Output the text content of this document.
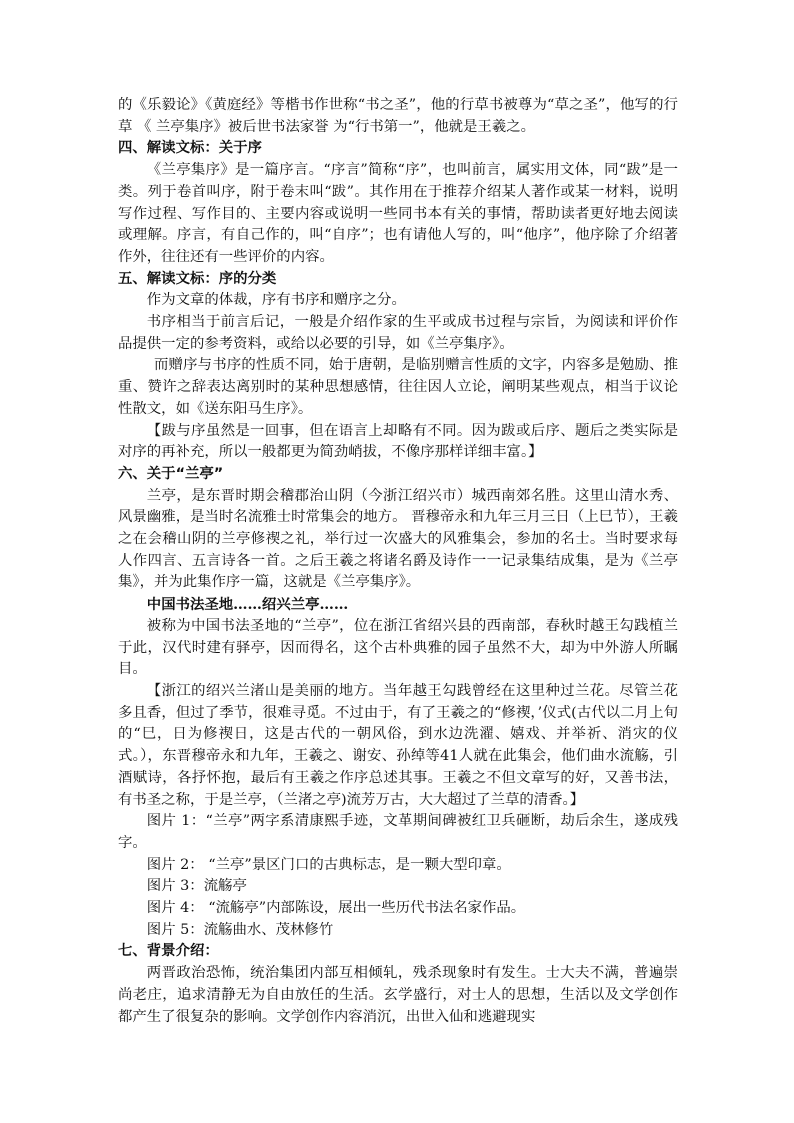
的《乐毅论》《黄庭经》等楷书作世称“书之圣”，他的行草书被尊为“草之圣”，他写的行草 《 兰亭集序》被后世书法家誉 为“行书第一”，他就是王羲之。

四、解读文标：关于序

《兰亭集序》是一篇序言。“序言”简称“序”，也叫前言，属实用文体，同“跋”是一类。列于卷首叫序，附于卷末叫“跋”。其作用在于推荐介绍某人著作或某一材料，说明写作过程、写作目的、主要内容或说明一些同书本有关的事情，帮助读者更好地去阅读或理解。序言，有自己作的，叫“自序”；也有请他人写的，叫“他序”，他序除了介绍著作外，往往还有一些评价的内容。

五、解读文标：序的分类

作为文章的体裁，序有书序和赠序之分。

书序相当于前言后记，一般是介绍作家的生平或成书过程与宗旨，为阅读和评价作品提供一定的参考资料，或给以必要的引导，如《兰亭集序》。

而赠序与书序的性质不同，始于唐朝，是临别赠言性质的文字，内容多是勉励、推重、赞许之辞表达离别时的某种思想感情，往往因人立论，阐明某些观点，相当于议论性散文，如《送东阳马生序》。

【跋与序虽然是一回事，但在语言上却略有不同。因为跋或后序、题后之类实际是对序的再补充，所以一般都更为简劲峭拔，不像序那样详细丰富。】

六、关于“兰亭”

兰亭，是东晋时期会稽郡治山阴（今浙江绍兴市）城西南郊名胜。这里山清水秀、风景幽雅，是当时名流雅士时常集会的地方。 晋穆帝永和九年三月三日（上巳节），王羲之在会稽山阴的兰亭修禊之礼，举行过一次盛大的风雅集会，参加的名士。当时要求每人作四言、五言诗各一首。之后王羲之将诸名爵及诗作一一记录集结成集，是为《兰亭集》，并为此集作序一篇，这就是《兰亭集序》。

中国书法圣地……绍兴兰亭……

被称为中国书法圣地的“兰亭”，位在浙江省绍兴县的西南部，春秋时越王勾践植兰于此，汉代时建有驿亭，因而得名，这个古朴典雅的园子虽然不大，却为中外游人所瞩目。

【浙江的绍兴兰渚山是美丽的地方。当年越王勾践曾经在这里种过兰花。尽管兰花多且香，但过了季节，很难寻觅。不过由于，有了王羲之的“修禊，’仪式(古代以二月上旬的“巳，日为修禊日，这是古代的一朝风俗，到水边洗濯、嬉戏、并举祈、消灾的仪式。），东晋穆帝永和九年，王羲之、谢安、孙绰等41人就在此集会，他们曲水流觞，引酒赋诗，各抒怀抱，最后有王羲之作序总述其事。王羲之不但文章写的好，又善书法，有书圣之称，于是兰亭，（兰渚之亭)流芳万古，大大超过了兰草的清香。】

图片 1：“兰亭”两字系清康熙手迹，文革期间碑被红卫兵砸断，劫后余生，遂成残字。

图片 2： “兰亭”景区门口的古典标志，是一颗大型印章。

图片 3：流觞亭

图片 4： “流觞亭”内部陈设，展出一些历代书法名家作品。

图片 5：流觞曲水、茂林修竹

七、背景介绍：

两晋政治恐怖，统治集团内部互相倾轧，残杀现象时有发生。士大夫不满，普遍崇尚老庄，追求清静无为自由放任的生活。玄学盛行，对士人的思想，生活以及文学创作都产生了很复杂的影响。文学创作内容消沉，出世入仙和逃避现实
